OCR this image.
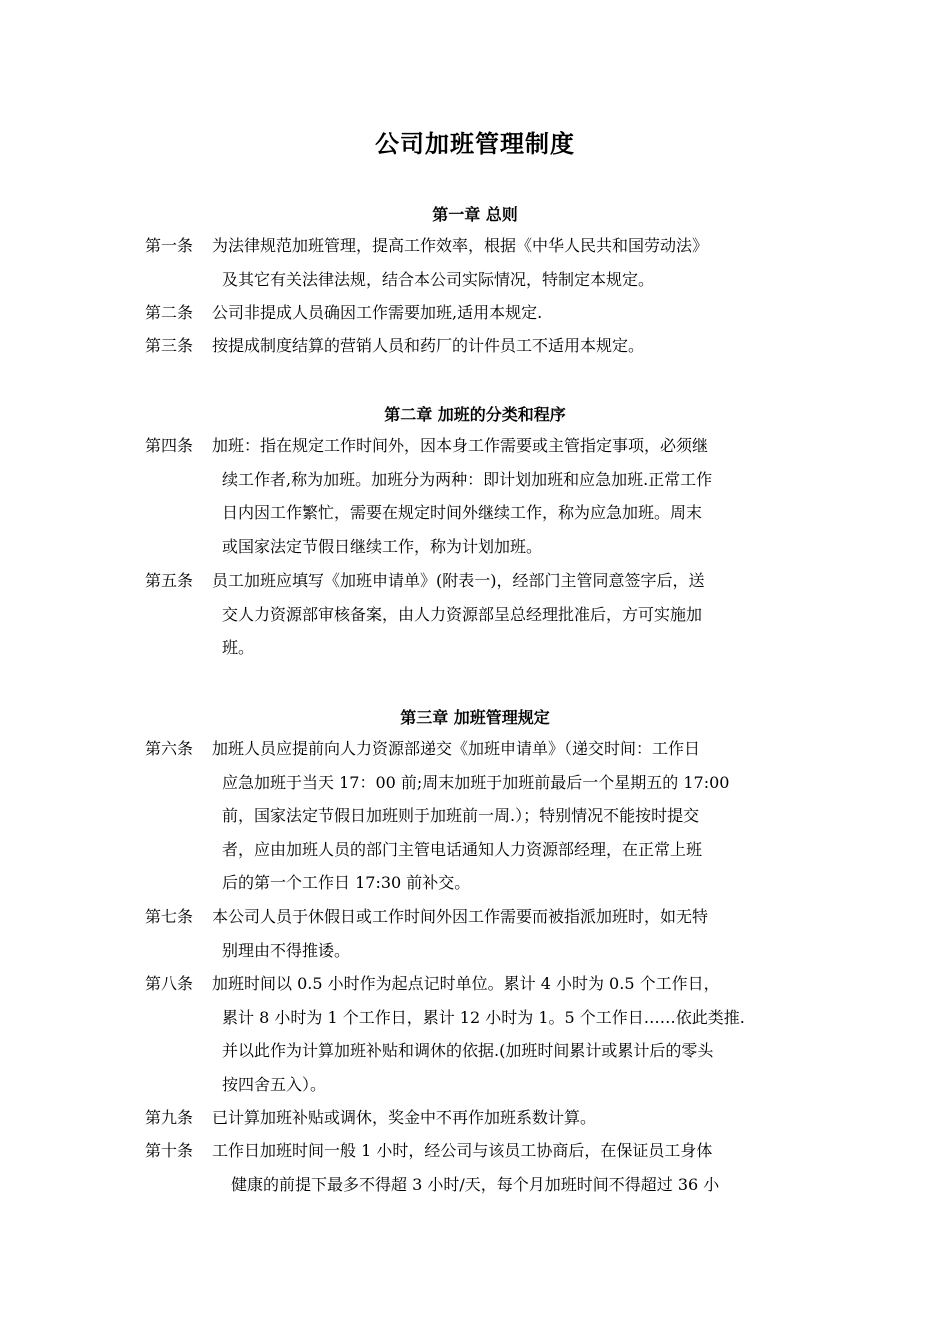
公司加班管理制度
第一章 总则
第一条 为法律规范加班管理，提高工作效率，根据《中华人民共和国劳动法》
及其它有关法律法规，结合本公司实际情况，特制定本规定。
第二条 公司非提成人员确因工作需要加班,适用本规定.
第三条 按提成制度结算的营销人员和药厂的计件员工不适用本规定。
第二章 加班的分类和程序
第四条 加班：指在规定工作时间外，因本身工作需要或主管指定事项，必须继
续工作者,称为加班。加班分为两种：即计划加班和应急加班.正常工作
日内因工作繁忙，需要在规定时间外继续工作，称为应急加班。周末
或国家法定节假日继续工作，称为计划加班。
第五条 员工加班应填写《加班申请单》(附表一)，经部门主管同意签字后，送
交人力资源部审核备案，由人力资源部呈总经理批准后，方可实施加
班。
第三章 加班管理规定
第六条 加班人员应提前向人力资源部递交《加班申请单》（递交时间：工作日
应急加班于当天 17：00 前;周末加班于加班前最后一个星期五的 17:00
前，国家法定节假日加班则于加班前一周.）；特别情况不能按时提交
者，应由加班人员的部门主管电话通知人力资源部经理，在正常上班
后的第一个工作日 17:30 前补交。
第七条 本公司人员于休假日或工作时间外因工作需要而被指派加班时，如无特
别理由不得推诿。
第八条 加班时间以 0.5 小时作为起点记时单位。累计 4 小时为 0.5 个工作日，
累计 8 小时为 1 个工作日，累计 12 小时为 1。5 个工作日……依此类推.
并以此作为计算加班补贴和调休的依据.(加班时间累计或累计后的零头
按四舍五入）。
第九条 已计算加班补贴或调休，奖金中不再作加班系数计算。
第十条 工作日加班时间一般 1 小时，经公司与该员工协商后，在保证员工身体
健康的前提下最多不得超 3 小时/天，每个月加班时间不得超过 36 小
